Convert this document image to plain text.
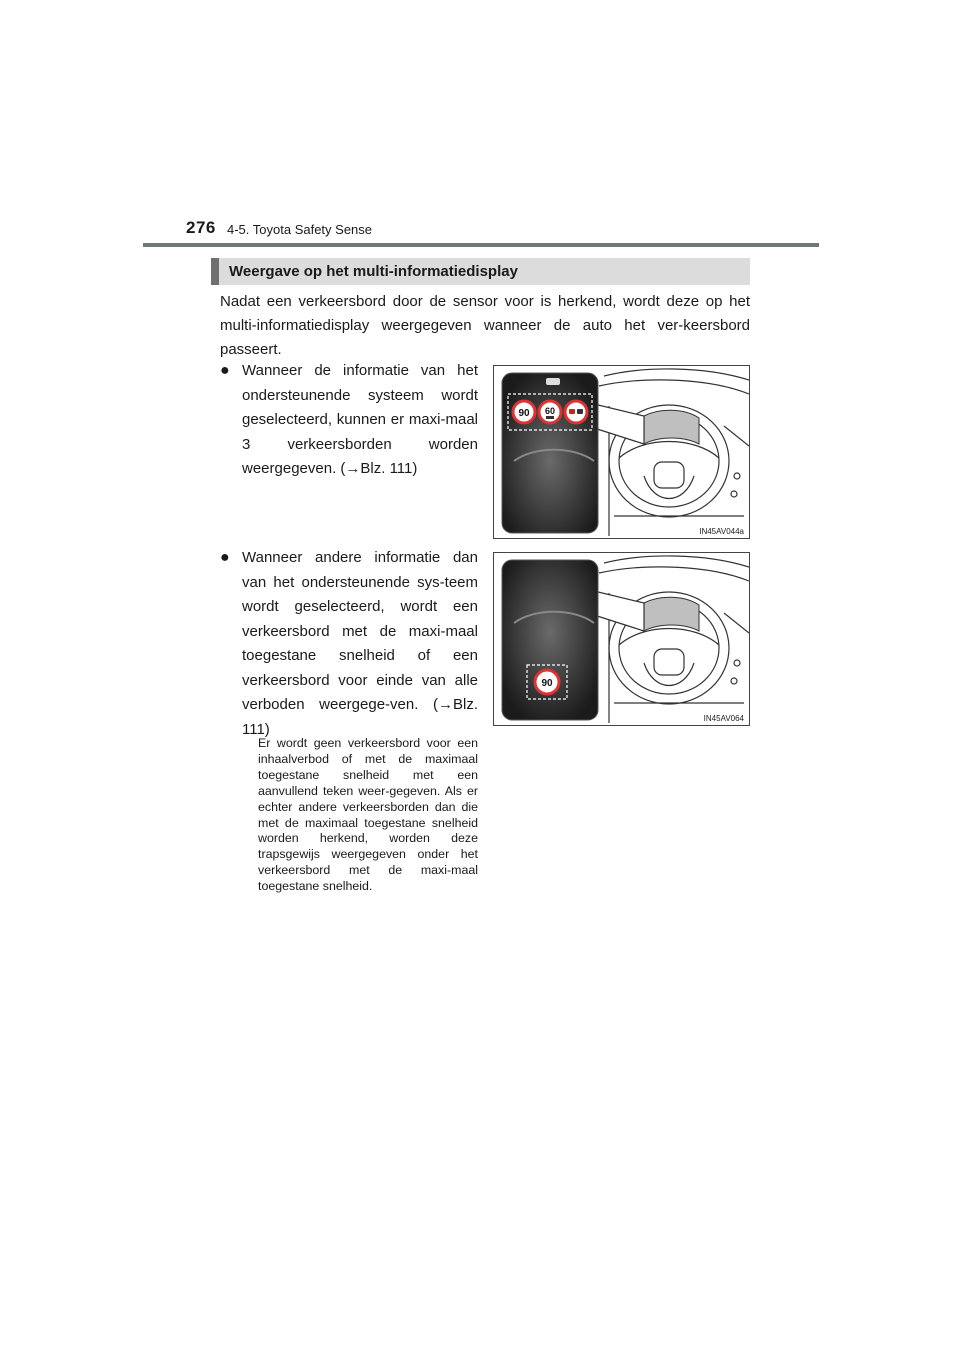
276 4-5. Toyota Safety Sense
Weergave op het multi-informatiedisplay
Nadat een verkeersbord door de sensor voor is herkend, wordt deze op het multi-informatiedisplay weergegeven wanneer de auto het ver-keersbord passeert.
● Wanneer de informatie van het ondersteunende systeem wordt geselecteerd, kunnen er maxi-maal 3 verkeersborden worden weergegeven. (→Blz. 111)
● Wanneer andere informatie dan van het ondersteunende sys-teem wordt geselecteerd, wordt een verkeersbord met de maxi-maal toegestane snelheid of een verkeersbord voor einde van alle verboden weergege-ven. (→Blz. 111)
Er wordt geen verkeersbord voor een inhaalverbod of met de maximaal toegestane snelheid met een aanvullend teken weer-gegeven. Als er echter andere verkeersborden dan die met de maximaal toegestane snelheid worden herkend, worden deze trapsgewijs weergegeven onder het verkeersbord met de maxi-maal toegestane snelheid.
90 60
IN45AV044a
90
IN45AV064
